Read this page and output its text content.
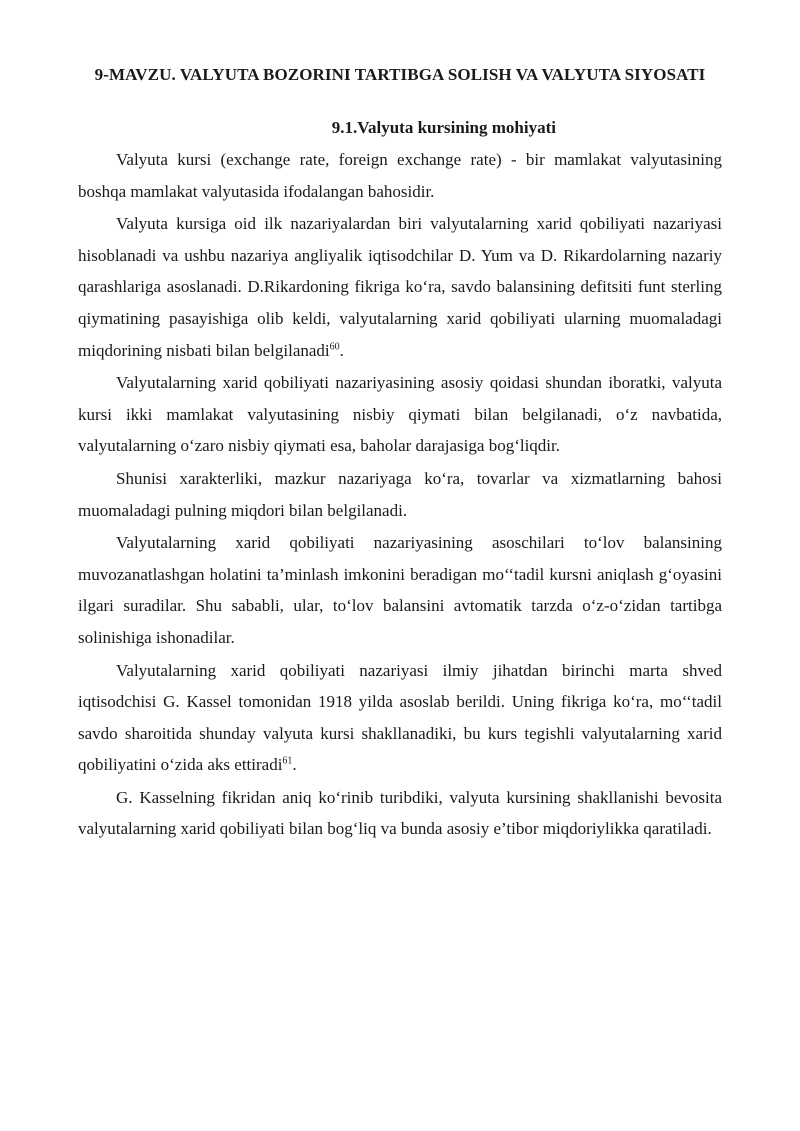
9-MAVZU. VALYUTA BOZORINI TARTIBGA SOLISH VA VALYUTA SIYOSATI
9.1.Valyuta kursining mohiyati

Valyuta kursi (exchange rate, foreign exchange rate) - bir mamlakat valyutasining boshqa mamlakat valyutasida ifodalangan bahosidir.

Valyuta kursiga oid ilk nazariyalardan biri valyutalarning xarid qobiliyati nazariyasi hisoblanadi va ushbu nazariya angliyalik iqtisodchilar D. Yum va D. Rikardolarning nazariy qarashlariga asoslanadi. D.Rikardoning fikriga ko‘ra, savdo balansining defitsiti funt sterling qiymatining pasayishiga olib keldi, valyutalarning xarid qobiliyati ularning muomaladagi miqdorining nisbati bilan belgilanadi$^{60}$.

Valyutalarning xarid qobiliyati nazariyasining asosiy qoidasi shundan iboratki, valyuta kursi ikki mamlakat valyutasining nisbiy qiymati bilan belgilanadi, o‘z navbatida, valyutalarning o‘zaro nisbiy qiymati esa, baholar darajasiga bog‘liqdir.

Shunisi xarakterliki, mazkur nazariyaga ko‘ra, tovarlar va xizmatlarning bahosi muomaladagi pulning miqdori bilan belgilanadi.

Valyutalarning xarid qobiliyati nazariyasining asoschilari to‘lov balansining muvozanatlashgan holatini ta’minlash imkonini beradigan mo‘‘tadil kursni aniqlash g‘oyasini ilgari suradilar. Shu sababli, ular, to‘lov balansini avtomatik tarzda o‘z-o‘zidan tartibga solinishiga ishonadilar.

Valyutalarning xarid qobiliyati nazariyasi ilmiy jihatdan birinchi marta shved iqtisodchisi G. Kassel tomonidan 1918 yilda asoslab berildi. Uning fikriga ko‘ra, mo‘‘tadil savdo sharoitida shunday valyuta kursi shakllanadiki, bu kurs tegishli valyutalarning xarid qobiliyatini o‘zida aks ettiradi$^{61}$.

G. Kasselning fikridan aniq ko‘rinib turibdiki, valyuta kursining shakllanishi bevosita valyutalarning xarid qobiliyati bilan bog‘liq va bunda asosiy e’tibor miqdoriylikka qaratiladi.
